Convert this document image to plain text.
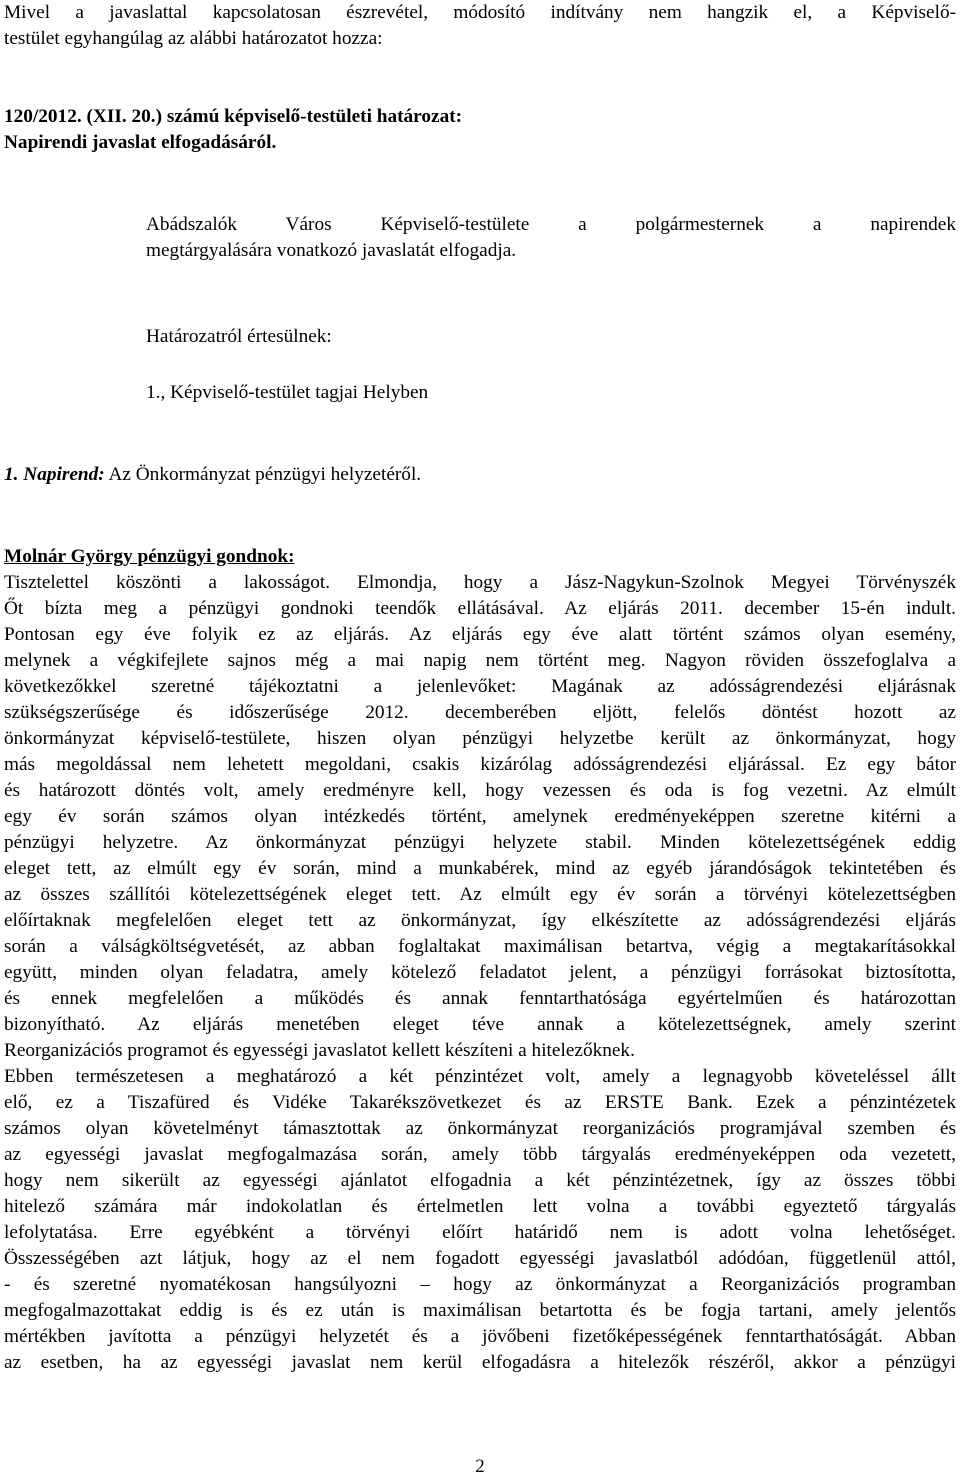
Mivel a javaslattal kapcsolatosan észrevétel, módosító indítvány nem hangzik el, a Képviselő-
testület egyhangúlag az alábbi határozatot hozza:
120/2012. (XII. 20.) számú képviselő-testületi határozat:
Napirendi javaslat elfogadásáról.
Abádszalók Város Képviselő-testülete a polgármesternek a napirendek
megtárgyalására vonatkozó javaslatát elfogadja.
Határozatról értesülnek:
1., Képviselő-testület tagjai Helyben
1. Napirend: Az Önkormányzat pénzügyi helyzetéről.
Molnár György pénzügyi gondnok:
Tisztelettel köszönti a lakosságot. Elmondja, hogy a Jász-Nagykun-Szolnok Megyei Törvényszék
Őt bízta meg a pénzügyi gondnoki teendők ellátásával. Az eljárás 2011. december 15-én indult.
Pontosan egy éve folyik ez az eljárás. Az eljárás egy éve alatt történt számos olyan esemény,
melynek a végkifejlete sajnos még a mai napig nem történt meg. Nagyon röviden összefoglalva a
következőkkel szeretné tájékoztatni a jelenlevőket: Magának az adósságrendezési eljárásnak
szükségszerűsége és időszerűsége 2012. decemberében eljött, felelős döntést hozott az
önkormányzat képviselő-testülete, hiszen olyan pénzügyi helyzetbe került az önkormányzat, hogy
más megoldással nem lehetett megoldani, csakis kizárólag adósságrendezési eljárással. Ez egy bátor
és határozott döntés volt, amely eredményre kell, hogy vezessen és oda is fog vezetni. Az elmúlt
egy év során számos olyan intézkedés történt, amelynek eredményeképpen szeretne kitérni a
pénzügyi helyzetre. Az önkormányzat pénzügyi helyzete stabil. Minden kötelezettségének eddig
eleget tett, az elmúlt egy év során, mind a munkabérek, mind az egyéb járandóságok tekintetében és
az összes szállítói kötelezettségének eleget tett. Az elmúlt egy év során a törvényi kötelezettségben
előírtaknak megfelelően eleget tett az önkormányzat, így elkészítette az adósságrendezési eljárás
során a válságköltségvetését, az abban foglaltakat maximálisan betartva, végig a megtakarításokkal
együtt, minden olyan feladatra, amely kötelező feladatot jelent, a pénzügyi forrásokat biztosította,
és ennek megfelelően a működés és annak fenntarthatósága egyértelműen és határozottan
bizonyítható. Az eljárás menetében eleget téve annak a kötelezettségnek, amely szerint
Reorganizációs programot és egyességi javaslatot kellett készíteni a hitelezőknek.
Ebben természetesen a meghatározó a két pénzintézet volt, amely a legnagyobb követeléssel állt
elő, ez a Tiszafüred és Vidéke Takarékszövetkezet és az ERSTE Bank. Ezek a pénzintézetek
számos olyan követelményt támasztottak az önkormányzat reorganizációs programjával szemben és
az egyességi javaslat megfogalmazása során, amely több tárgyalás eredményeképpen oda vezetett,
hogy nem sikerült az egyességi ajánlatot elfogadnia a két pénzintézetnek, így az összes többi
hitelező számára már indokolatlan és értelmetlen lett volna a további egyeztető tárgyalás
lefolytatása. Erre egyébként a törvényi előírt határidő nem is adott volna lehetőséget.
Összességében azt látjuk, hogy az el nem fogadott egyességi javaslatból adódóan, függetlenül attól,
- és szeretné nyomatékosan hangsúlyozni – hogy az önkormányzat a Reorganizációs programban
megfogalmazottakat eddig is és ez után is maximálisan betartotta és be fogja tartani, amely jelentős
mértékben javította a pénzügyi helyzetét és a jövőbeni fizetőképességének fenntarthatóságát. Abban
az esetben, ha az egyességi javaslat nem kerül elfogadásra a hitelezők részéről, akkor a pénzügyi
2
